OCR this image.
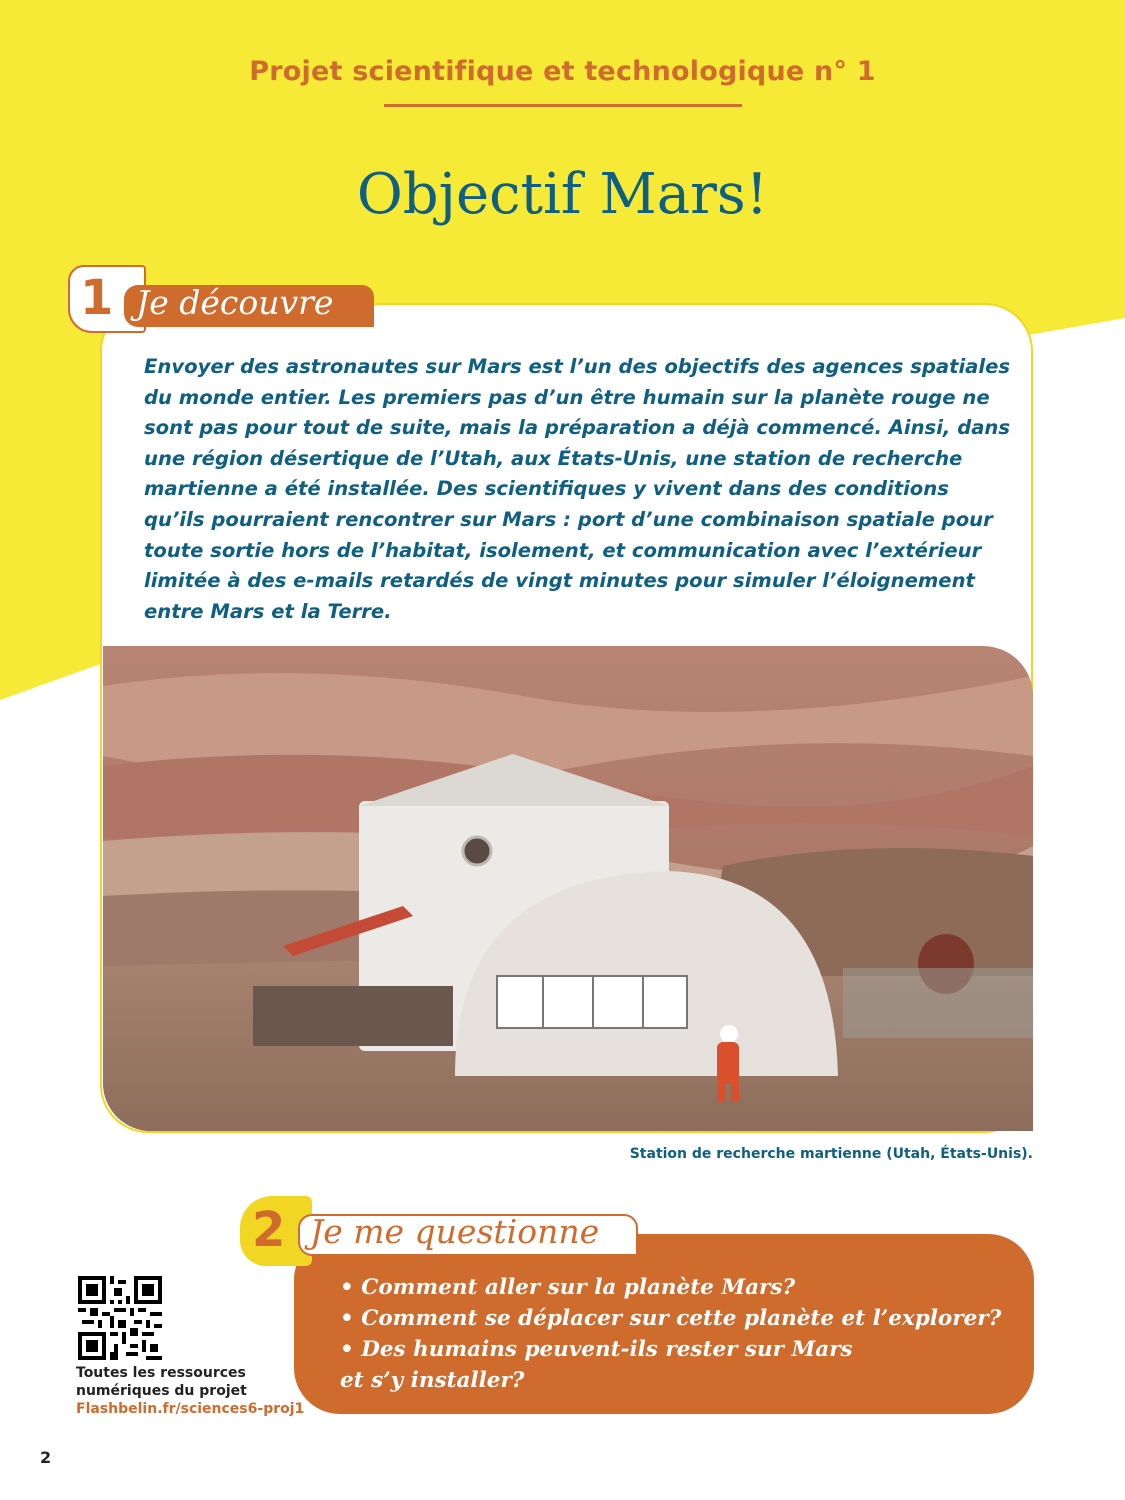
Projet scientifique et technologique n° 1
Objectif Mars!
1 Je découvre
Envoyer des astronautes sur Mars est l’un des objectifs des agences spatiales du monde entier. Les premiers pas d’un être humain sur la planète rouge ne sont pas pour tout de suite, mais la préparation a déjà commencé. Ainsi, dans une région désertique de l’Utah, aux États-Unis, une station de recherche martienne a été installée. Des scientifiques y vivent dans des conditions qu’ils pourraient rencontrer sur Mars : port d’une combinaison spatiale pour toute sortie hors de l’habitat, isolement, et communication avec l’extérieur limitée à des e-mails retardés de vingt minutes pour simuler l’éloignement entre Mars et la Terre.
Station de recherche martienne (Utah, États-Unis).
2 Je me questionne
• Comment aller sur la planète Mars?
• Comment se déplacer sur cette planète et l’explorer?
• Des humains peuvent-ils rester sur Mars
et s’y installer?
Toutes les ressources
numériques du projet
Flashbelin.fr/sciences6-proj1
2
